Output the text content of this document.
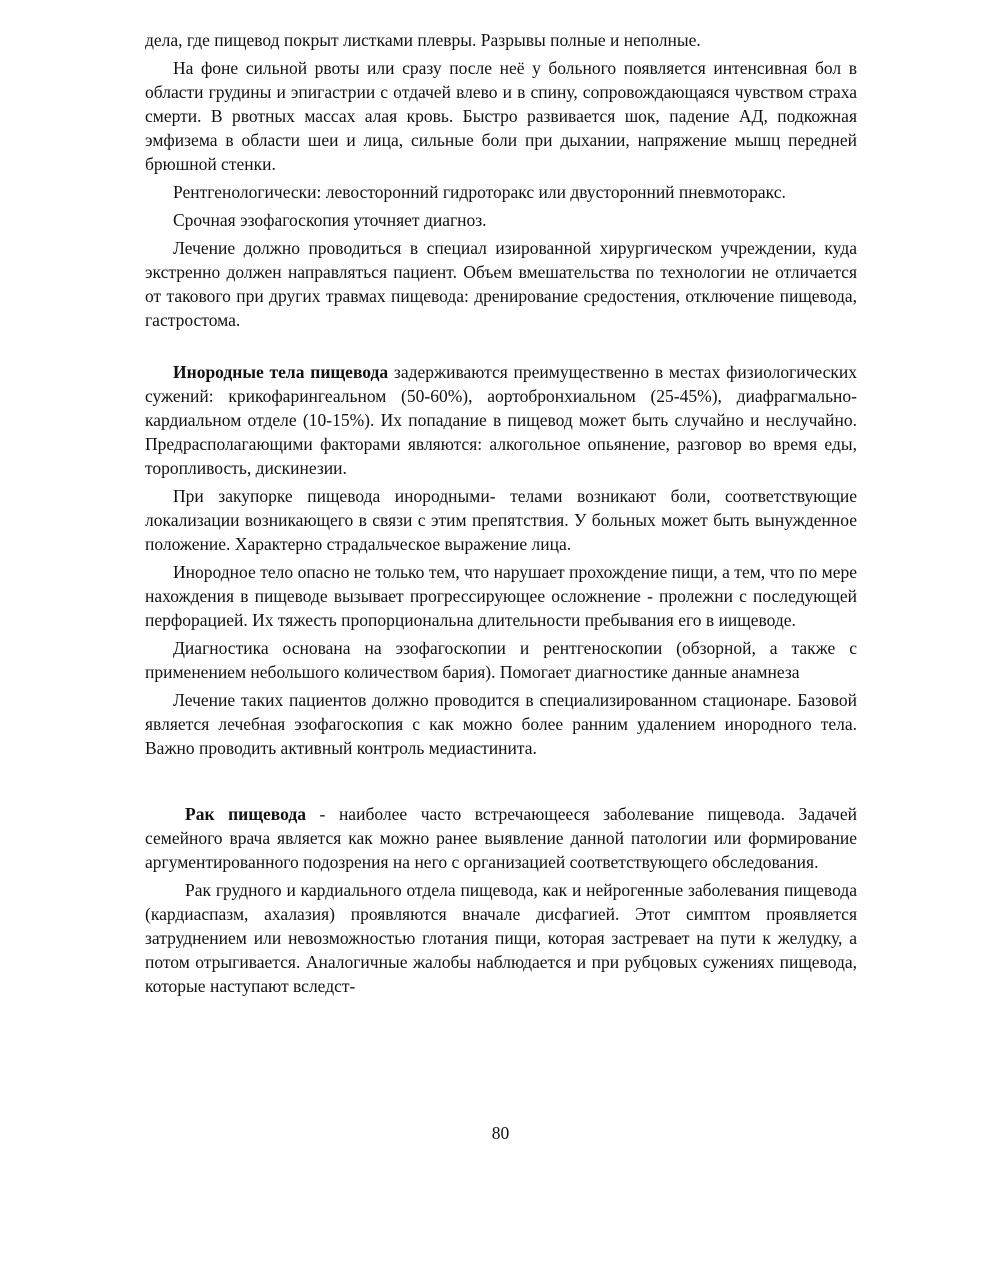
дела, где пищевод покрыт листками плевры. Разрывы полные и неполные.

На фоне сильной рвоты или сразу после неё у больного появляется интенсивная бол в области грудины и эпигастрии с отдачей влево и в спину, сопровождающаяся чувством страха смерти. В рвотных массах алая кровь. Быстро развивается шок, падение АД, подкожная эмфизема в области шеи и лица, сильные боли при дыхании, напряжение мышц передней брюшной стенки.

Рентгенологически: левосторонний гидроторакс или двусторонний пневмоторакс.

Срочная эзофагоскопия уточняет диагноз.

Лечение должно проводиться в специал изированной хирургическом учреждении, куда экстренно должен направляться пациент. Объем вмешательства по технологии не отличается от такового при других травмах пищевода: дренирование средостения, отключение пищевода, гастростома.

Инородные тела пищевода задерживаются преимущественно в местах физиологических сужений: крикофарингеальном (50-60%), аортобронхиальном (25-45%), диафрагмально-кардиальном отделе (10-15%). Их попадание в пищевод может быть случайно и неслучайно. Предрасполагающими факторами являются: алкогольное опьянение, разговор во время еды, торопливость, дискинезии.

При закупорке пищевода инородными- телами возникают боли, соответствующие локализации возникающего в связи с этим препятствия. У больных может быть вынужденное положение. Характерно страдальческое выражение лица.

Инородное тело опасно не только тем, что нарушает прохождение пищи, а тем, что по мере нахождения в пищеводе вызывает прогрессирующее осложнение - пролежни с последующей перфорацией. Их тяжесть пропорциональна длительности пребывания его в иищеводе.

Диагностика основана на эзофагоскопии и рентгеноскопии (обзорной, а также с применением небольшого количеством бария). Помогает диагностике данные анамнеза

Лечение таких пациентов должно проводится в специализированном стационаре. Базовой является лечебная эзофагоскопия с как можно более ранним удалением инородного тела. Важно проводить активный контроль медиастинита.

Рак пищевода - наиболее часто встречающееся заболевание пищевода. Задачей семейного врача является как можно ранее выявление данной патологии или формирование аргументированного подозрения на него с организацией соответствующего обследования.

Рак грудного и кардиального отдела пищевода, как и нейрогенные заболевания пищевода (кардиаспазм, ахалазия) проявляются вначале дисфагией. Этот симптом проявляется затруднением или невозможностью глотания пищи, которая застревает на пути к желудку, а потом отрыгивается. Аналогичные жалобы наблюдается и при рубцовых сужениях пищевода, которые наступают вследст-

80
